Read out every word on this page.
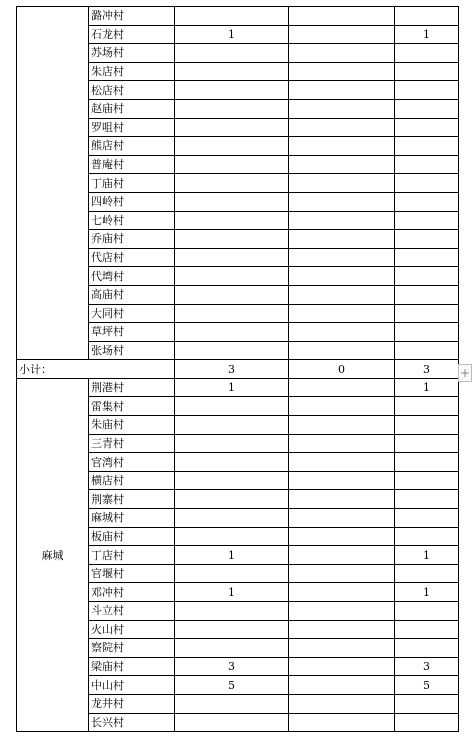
	潞冲村			
	石龙村	1		1
	苏场村			
	朱店村			
	松店村			
	赵庙村			
	罗咀村			
	熊店村			
	普庵村			
	丁庙村			
	四岭村			
	七岭村			
	乔庙村			
	代店村			
	代塆村			
	高庙村			
	大同村			
	草坪村			
	张场村			
小计：		3	0	3
麻城	荆港村	1		1
	雷集村			
	朱庙村			
	三青村			
	官湾村			
	横店村			
	荆寨村			
	麻城村			
	板庙村			
	丁店村	1		1
	官堰村			
	邓冲村	1		1
	斗立村			
	火山村			
	察院村			
	梁庙村	3		3
	中山村	5		5
	龙井村			
	长兴村			
+
